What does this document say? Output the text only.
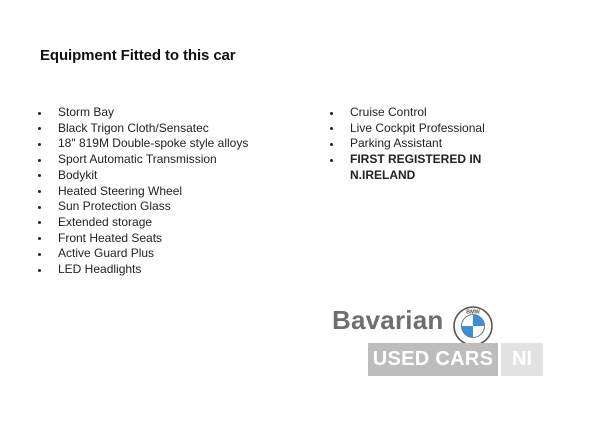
Equipment Fitted to this car
Storm Bay
Black Trigon Cloth/Sensatec
18" 819M Double-spoke style alloys
Sport Automatic Transmission
Bodykit
Heated Steering Wheel
Sun Protection Glass
Extended storage
Front Heated Seats
Active Guard Plus
LED Headlights
Cruise Control
Live Cockpit Professional
Parking Assistant
FIRST REGISTERED IN N.IRELAND
Bavarian	BMW
USED CARS NI
